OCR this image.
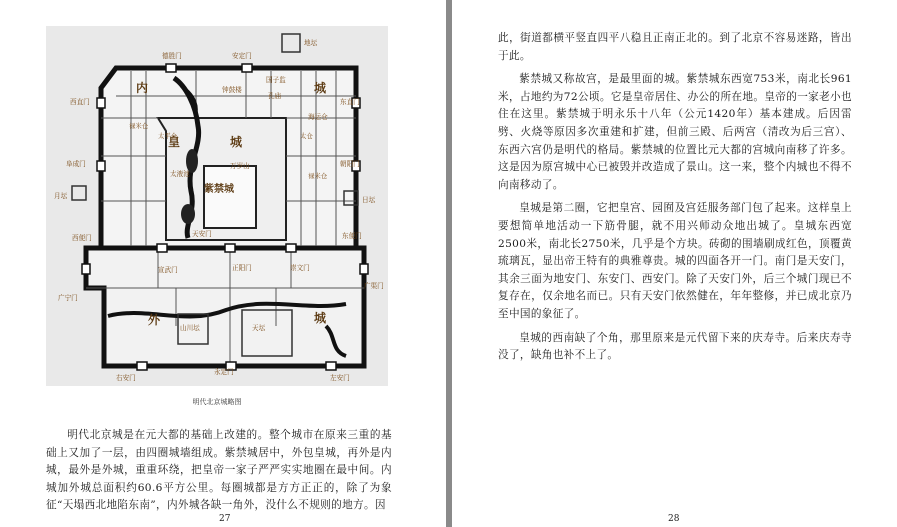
德胜门	安定门
地坛
国子监
钟鼓楼
孔庙
西直门	东直门
海运仓
内	城
皇	城
阜成门	朝阳门
万岁山
太液池
紫禁城
月坛	日坛
西便门	东便门
天安门
宣武门	正阳门	崇文门
广宁门
广渠门
外	城
山川坛	天坛
右安门
永定门
左安门
禄米仓
太平仓	太仓
禄米仓
明代北京城略图

明代北京城是在元大都的基础上改建的。整个城市在原来三重的基础上又加了一层，由四圈城墙组成。紫禁城居中，外包皇城，再外是内城，最外是外城，重重环绕，把皇帝一家子严严实实地圈在最中间。内城加外城总面积约60.6平方公里。每圈城都是方方正正的，除了为象征“天塌西北地陷东南”，内外城各缺一角外，没什么不规则的地方。因

27

此，街道都横平竖直四平八稳且正南正北的。到了北京不容易迷路，皆出于此。

紫禁城又称故宫，是最里面的城。紫禁城东西宽753米，南北长961米，占地约为72公顷。它是皇帝居住、办公的所在地。皇帝的一家老小也住在这里。紫禁城于明永乐十八年（公元1420年）基本建成。后因雷劈、火烧等原因多次重建和扩建，但前三殿、后两宫（清改为后三宫）、东西六宫仍是明代的格局。紫禁城的位置比元大都的宫城向南移了许多。这是因为原宫城中心已被毁并改造成了景山。这一来，整个内城也不得不向南移动了。

皇城是第二圈，它把皇宫、园囿及宫廷服务部门包了起来。这样皇上要想简单地活动一下筋骨腿，就不用兴师动众地出城了。皇城东西宽2500米，南北长2750米，几乎是个方块。砖砌的围墙刷成红色，顶覆黄琉璃瓦，显出帝王特有的典雅尊贵。城的四面各开一门。南门是天安门，其余三面为地安门、东安门、西安门。除了天安门外，后三个城门现已不复存在，仅余地名而已。只有天安门依然健在，年年整修，并已成北京乃至中国的象征了。

皇城的西南缺了个角，那里原来是元代留下来的庆寿寺。后来庆寿寺没了，缺角也补不上了。

28
